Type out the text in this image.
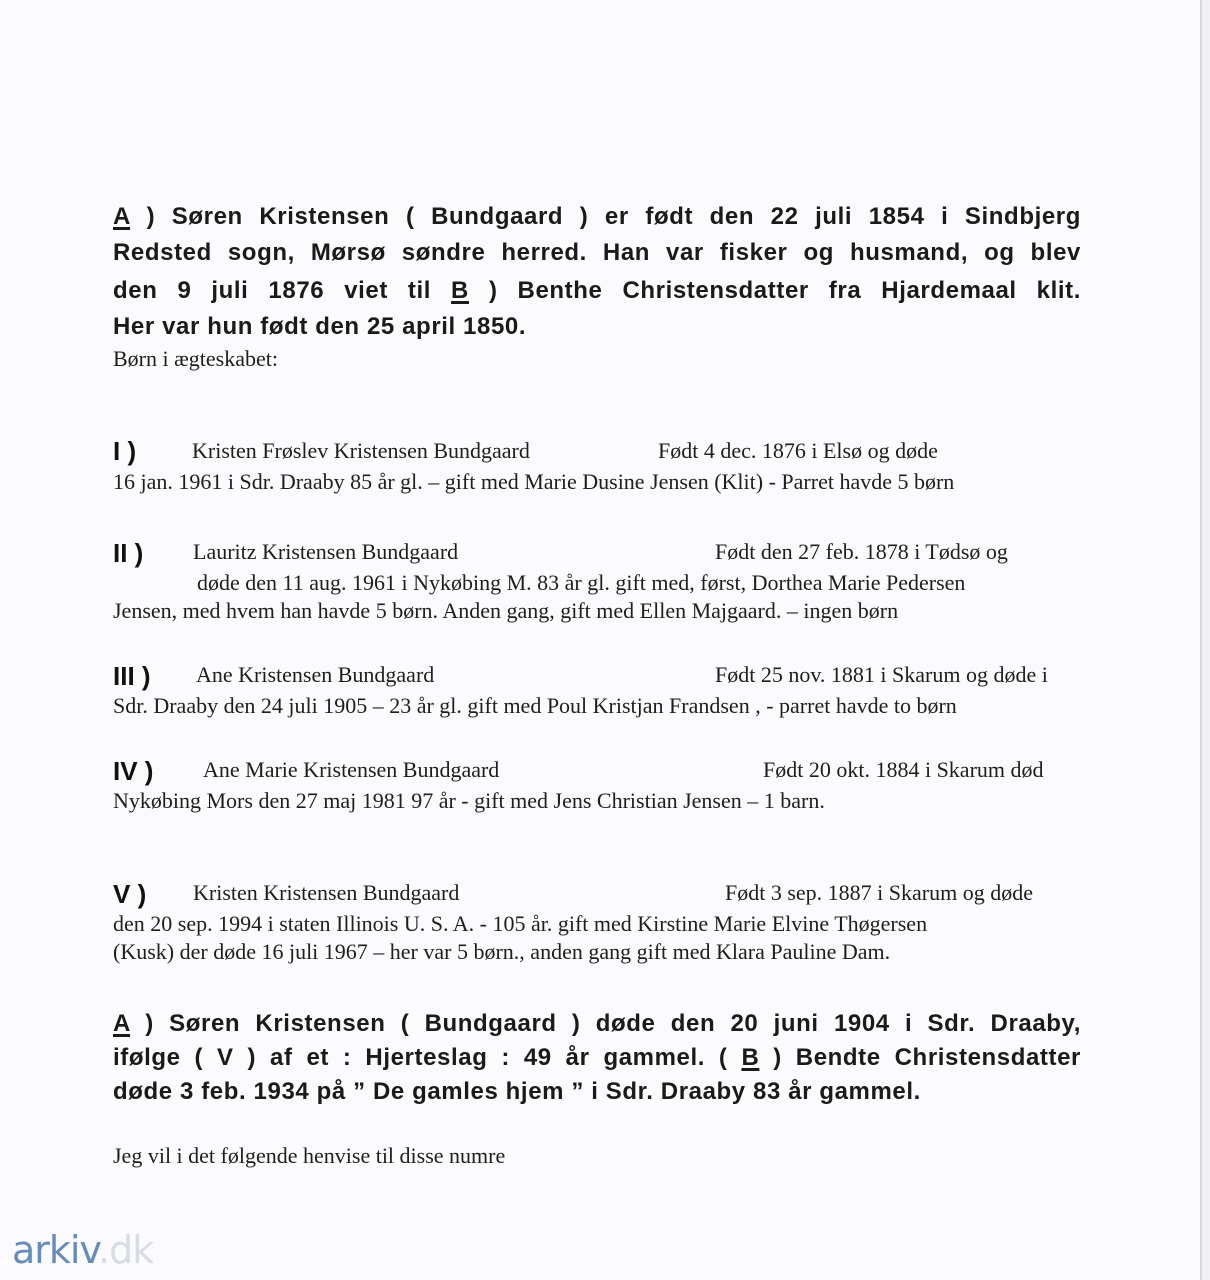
A ) Søren Kristensen ( Bundgaard ) er født den 22 juli 1854 i Sindbjerg
Redsted sogn, Mørsø søndre herred. Han var fisker og husmand, og blev
den 9 juli 1876 viet til B ) Benthe Christensdatter fra Hjardemaal klit.
Her var hun født den 25 april 1850.
Børn i ægteskabet:
I )	Kristen Frøslev Kristensen Bundgaard	Født 4 dec. 1876 i Elsø og døde
16 jan. 1961 i Sdr. Draaby 85 år gl. – gift med Marie Dusine Jensen (Klit) - Parret havde 5 børn
II ) Lauritz Kristensen Bundgaard	Født den 27 feb. 1878 i Tødsø og
døde den 11 aug. 1961 i Nykøbing M. 83 år gl. gift med, først, Dorthea Marie Pedersen
Jensen, med hvem han havde 5 børn. Anden gang, gift med Ellen Majgaard. – ingen børn
III ) Ane Kristensen Bundgaard	Født 25 nov. 1881 i Skarum og døde i
Sdr. Draaby den 24 juli 1905 – 23 år gl. gift med Poul Kristjan Frandsen , - parret havde to børn
IV ) Ane Marie Kristensen Bundgaard	Født 20 okt. 1884 i Skarum død
Nykøbing Mors den 27 maj 1981 97 år - gift med Jens Christian Jensen – 1 barn.
V ) Kristen Kristensen Bundgaard	Født 3 sep. 1887 i Skarum og døde
den 20 sep. 1994 i staten Illinois U. S. A. - 105 år. gift med Kirstine Marie Elvine Thøgersen
(Kusk) der døde 16 juli 1967 – her var 5 børn., anden gang gift med Klara Pauline Dam.
A ) Søren Kristensen ( Bundgaard ) døde den 20 juni 1904 i Sdr. Draaby,
ifølge ( V ) af et : Hjerteslag : 49 år gammel. ( B ) Bendte Christensdatter
døde 3 feb. 1934 på ” De gamles hjem ” i Sdr. Draaby 83 år gammel.
Jeg vil i det følgende henvise til disse numre
arkiv.dk
